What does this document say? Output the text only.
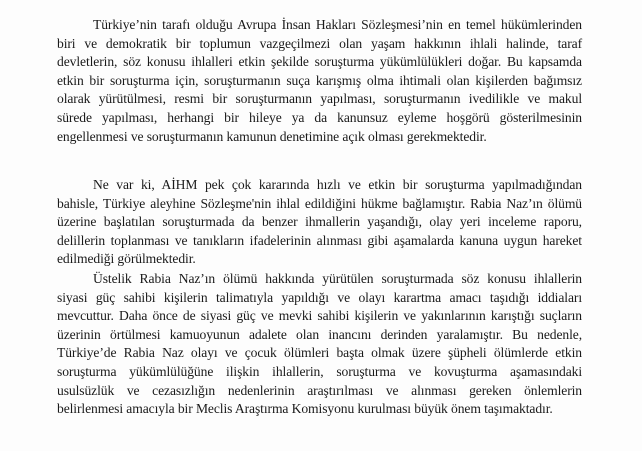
Türkiye’nin tarafı olduğu Avrupa İnsan Hakları Sözleşmesi’nin en temel hükümlerinden
biri ve demokratik bir toplumun vazgeçilmezi olan yaşam hakkının ihlali halinde, taraf
devletlerin, söz konusu ihlalleri etkin şekilde soruşturma yükümlülükleri doğar. Bu kapsamda
etkin bir soruşturma için, soruşturmanın suça karışmış olma ihtimali olan kişilerden bağımsız
olarak yürütülmesi, resmi bir soruşturmanın yapılması, soruşturmanın ivedilikle ve makul
sürede yapılması, herhangi bir hileye ya da kanunsuz eyleme hoşgörü gösterilmesinin
engellenmesi ve soruşturmanın kamunun denetimine açık olması gerekmektedir.
Ne var ki, AİHM pek çok kararında hızlı ve etkin bir soruşturma yapılmadığından
bahisle, Türkiye aleyhine Sözleşme'nin ihlal edildiğini hükme bağlamıştır. Rabia Naz’ın ölümü
üzerine başlatılan soruşturmada da benzer ihmallerin yaşandığı, olay yeri inceleme raporu,
delillerin toplanması ve tanıkların ifadelerinin alınması gibi aşamalarda kanuna uygun hareket
edilmediği görülmektedir.
Üstelik Rabia Naz’ın ölümü hakkında yürütülen soruşturmada söz konusu ihlallerin
siyasi güç sahibi kişilerin talimatıyla yapıldığı ve olayı karartma amacı taşıdığı iddiaları
mevcuttur. Daha önce de siyasi güç ve mevki sahibi kişilerin ve yakınlarının karıştığı suçların
üzerinin örtülmesi kamuoyunun adalete olan inancını derinden yaralamıştır. Bu nedenle,
Türkiye’de Rabia Naz olayı ve çocuk ölümleri başta olmak üzere şüpheli ölümlerde etkin
soruşturma yükümlülüğüne ilişkin ihlallerin, soruşturma ve kovuşturma aşamasındaki
usulsüzlük ve cezasızlığın nedenlerinin araştırılması ve alınması gereken önlemlerin
belirlenmesi amacıyla bir Meclis Araştırma Komisyonu kurulması büyük önem taşımaktadır.
